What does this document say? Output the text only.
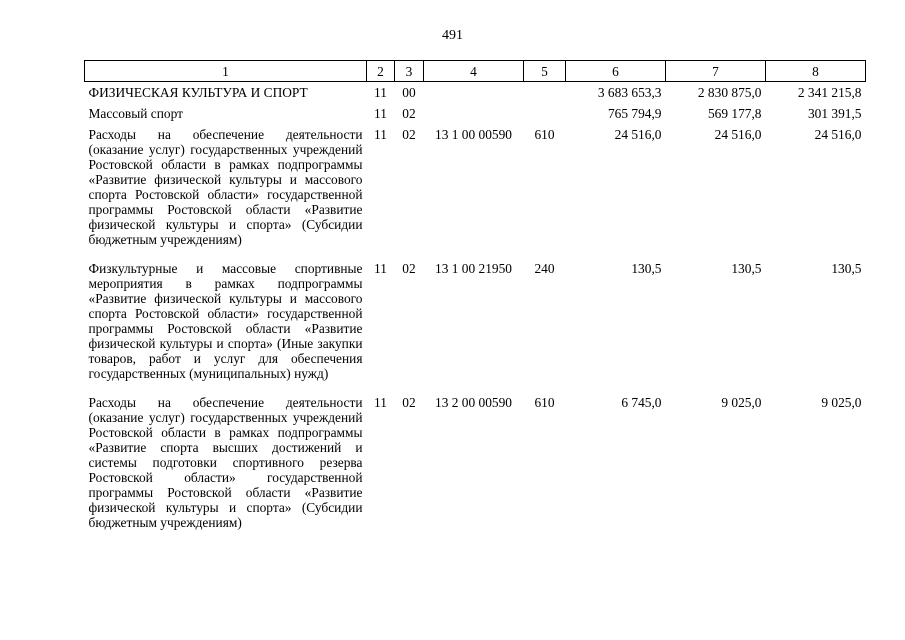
491
1	2	3	4	5	6	7	8
ФИЗИЧЕСКАЯ КУЛЬТУРА И СПОРТ	11	00			3 683 653,3	2 830 875,0	2 341 215,8
Массовый спорт	11	02			765 794,9	569 177,8	301 391,5
Расходы на обеспечение деятельности (оказание услуг) государственных учреждений Ростовской области в рамках подпрограммы «Развитие физической культуры и массового спорта Ростовской области» государственной программы Ростовской области «Развитие физической культуры и спорта» (Субсидии бюджетным учреждениям)	11	02	13 1 00 00590	610	24 516,0	24 516,0	24 516,0
Физкультурные и массовые спортивные мероприятия в рамках подпрограммы «Развитие физической культуры и массового спорта Ростовской области» государственной программы Ростовской области «Развитие физической культуры и спорта» (Иные закупки товаров, работ и услуг для обеспечения государственных (муниципальных) нужд)	11	02	13 1 00 21950	240	130,5	130,5	130,5
Расходы на обеспечение деятельности (оказание услуг) государственных учреждений Ростовской области в рамках подпрограммы «Развитие спорта высших достижений и системы подготовки спортивного резерва Ростовской области» государственной программы Ростовской области «Развитие физической культуры и спорта» (Субсидии бюджетным учреждениям)	11	02	13 2 00 00590	610	6 745,0	9 025,0	9 025,0
